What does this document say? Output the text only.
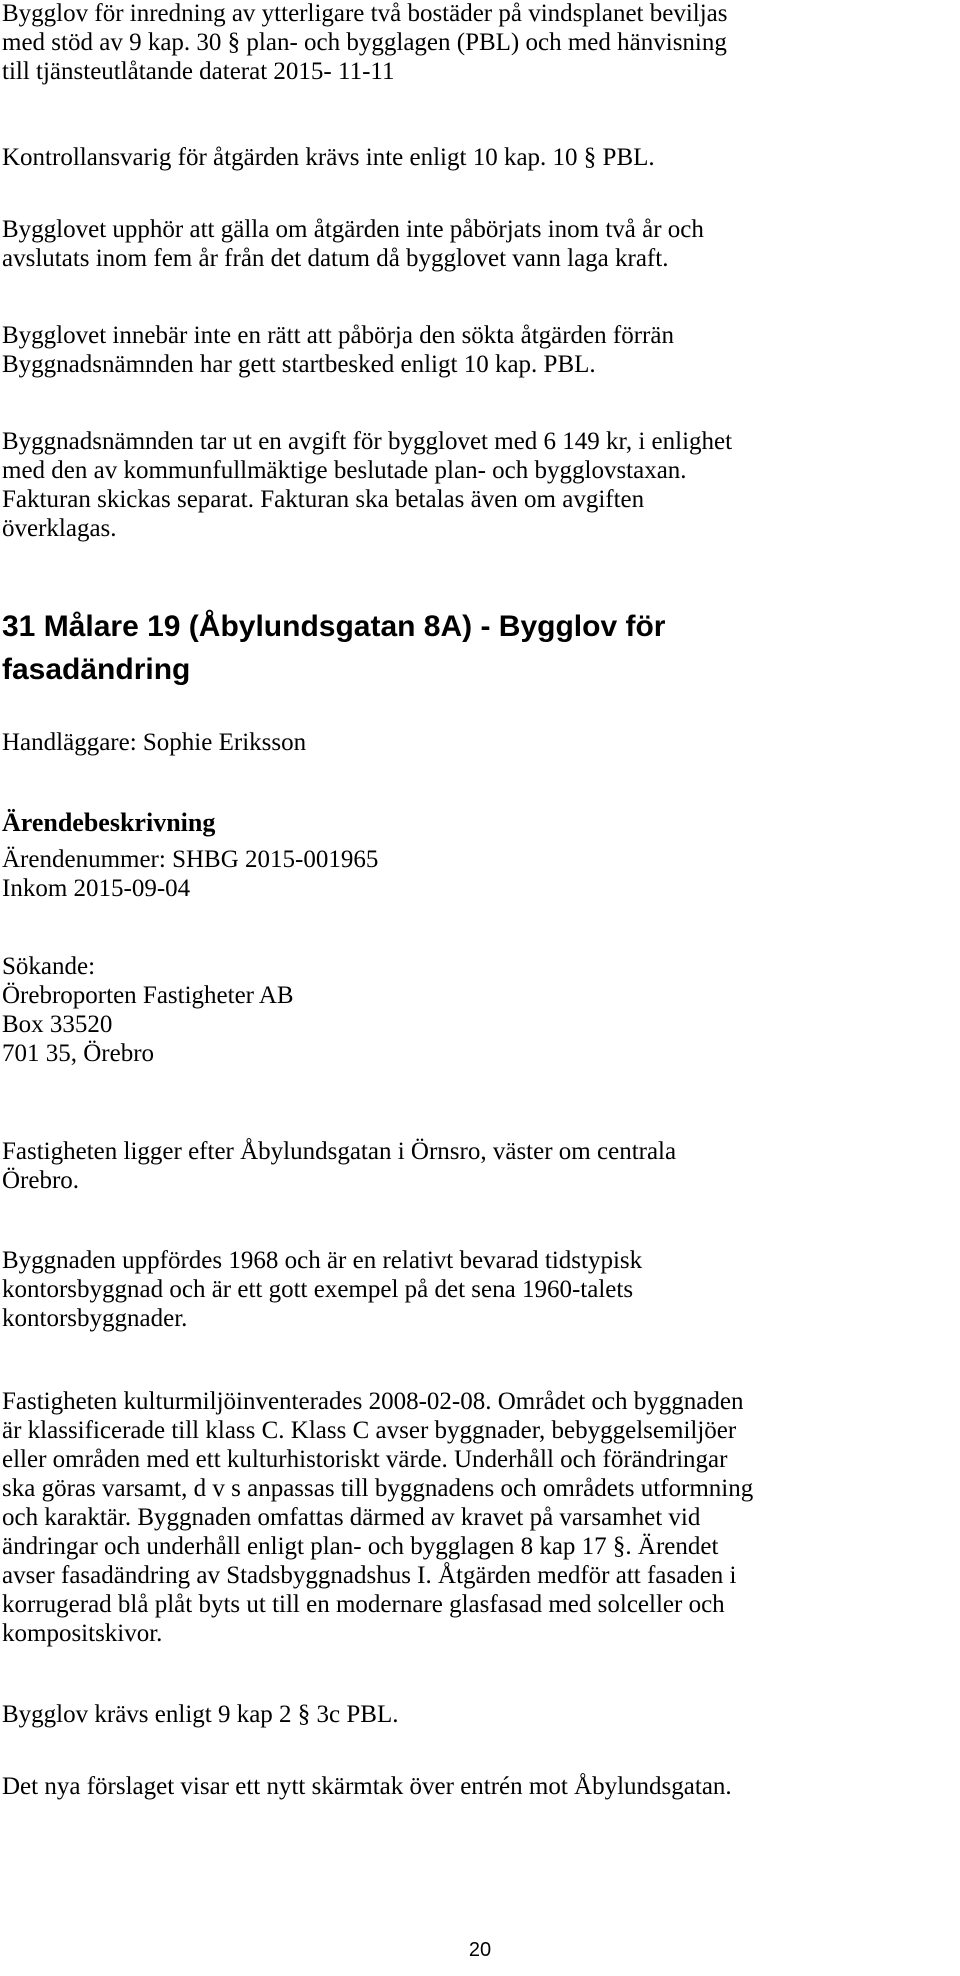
Bygglov för inredning av ytterligare två bostäder på vindsplanet beviljas
med stöd av 9 kap. 30 § plan- och bygglagen (PBL) och med hänvisning
till tjänsteutlåtande daterat 2015- 11-11

Kontrollansvarig för åtgärden krävs inte enligt 10 kap. 10 § PBL.

Bygglovet upphör att gälla om åtgärden inte påbörjats inom två år och
avslutats inom fem år från det datum då bygglovet vann laga kraft.

Bygglovet innebär inte en rätt att påbörja den sökta åtgärden förrän
Byggnadsnämnden har gett startbesked enligt 10 kap. PBL.

Byggnadsnämnden tar ut en avgift för bygglovet med 6 149 kr, i enlighet
med den av kommunfullmäktige beslutade plan- och bygglovstaxan.
Fakturan skickas separat. Fakturan ska betalas även om avgiften
överklagas.

31 Målare 19 (Åbylundsgatan 8A) - Bygglov för
fasadändring

Handläggare: Sophie Eriksson

Ärendebeskrivning

Ärendenummer: SHBG 2015-001965
Inkom 2015-09-04

Sökande:
Örebroporten Fastigheter AB
Box 33520
701 35, Örebro

Fastigheten ligger efter Åbylundsgatan i Örnsro, väster om centrala
Örebro.

Byggnaden uppfördes 1968 och är en relativt bevarad tidstypisk
kontorsbyggnad och är ett gott exempel på det sena 1960-talets
kontorsbyggnader.

Fastigheten kulturmiljöinventerades 2008-02-08. Området och byggnaden
är klassificerade till klass C. Klass C avser byggnader, bebyggelsemiljöer
eller områden med ett kulturhistoriskt värde. Underhåll och förändringar
ska göras varsamt, d v s anpassas till byggnadens och områdets utformning
och karaktär. Byggnaden omfattas därmed av kravet på varsamhet vid
ändringar och underhåll enligt plan- och bygglagen 8 kap 17 §. Ärendet
avser fasadändring av Stadsbyggnadshus I. Åtgärden medför att fasaden i
korrugerad blå plåt byts ut till en modernare glasfasad med solceller och
kompositskivor.

Bygglov krävs enligt 9 kap 2 § 3c PBL.

Det nya förslaget visar ett nytt skärmtak över entrén mot Åbylundsgatan.

20
